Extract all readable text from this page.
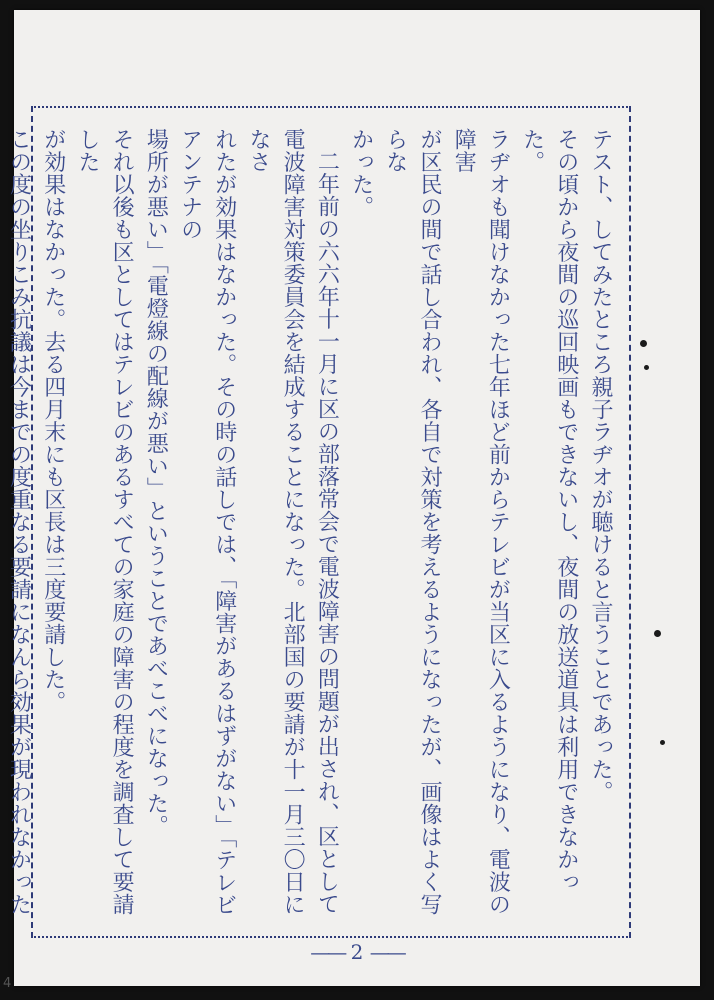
テスト、してみたところ親子ラヂオが聴けると言うことであった。

その頃から夜間の巡回映画もできないし、夜間の放送道具は利用できなかった。

ラヂオも聞けなかった七年ほど前からテレビが当区に入るようになり、電波の障害

が区民の間で話し合われ、各自で対策を考えるようになったが、画像はよく写らな

かった。

二年前の六六年十一月に区の部落常会で電波障害の問題が出され、区として

電波障害対策委員会を結成することになった。北部国の要請が十一月三〇日になさ

れたが効果はなかった。その時の話しでは、「障害があるはずがない」「テレビアンテナの

場所が悪い」「電燈線の配線が悪い」ということであべこべになった。

それ以後も区としてはテレビのあるすべての家庭の障害の程度を調査して要請した

が効果はなかった。去る四月末にも区長は三度要請した。

この度の坐りこみ抗議は今までの度重なる要請になんら効果が現われなかった

—— 2 ——
4
